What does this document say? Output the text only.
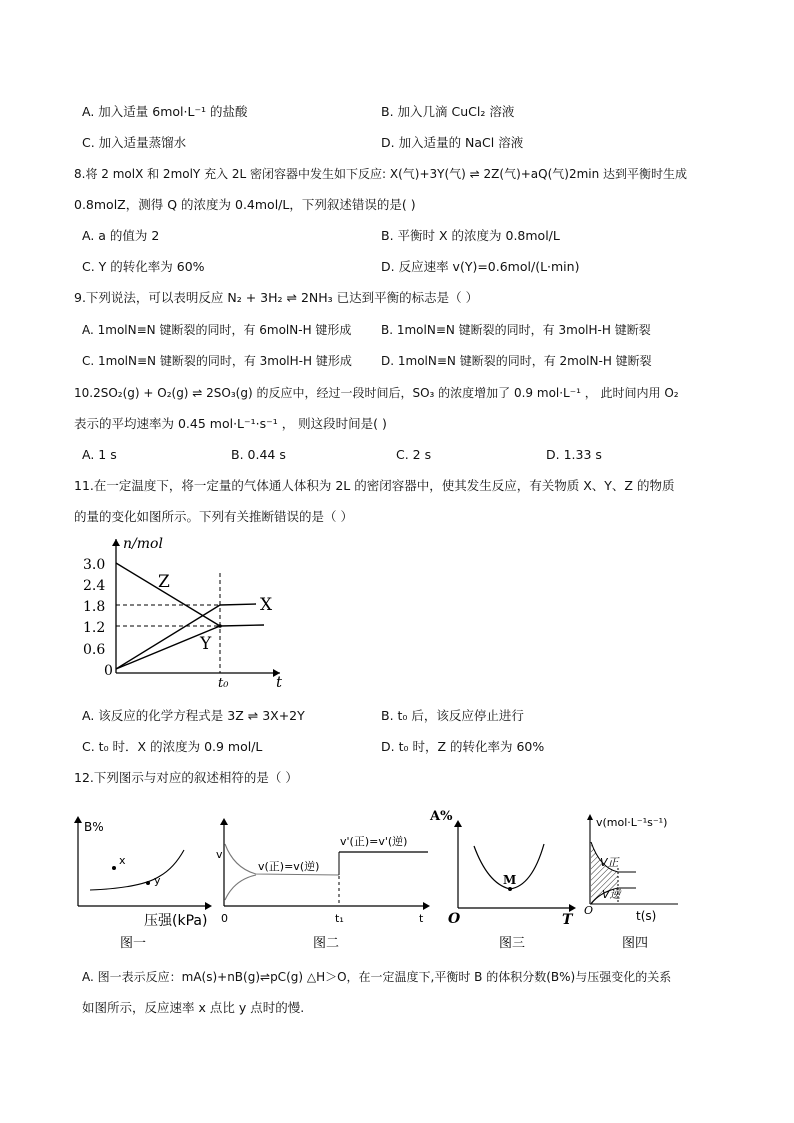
A. 加入适量 6mol·L⁻¹ 的盐酸	B. 加入几滴 CuCl₂ 溶液
C. 加入适量蒸馏水	D. 加入适量的 NaCl 溶液
8.将 2 molX 和 2molY 充入 2L 密闭容器中发生如下反应: X(气)+3Y(气) ⇌ 2Z(气)+aQ(气)2min 达到平衡时生成
0.8molZ，测得 Q 的浓度为 0.4mol/L，下列叙述错误的是( )
A. a 的值为 2	B. 平衡时 X 的浓度为 0.8mol/L
C. Y 的转化率为 60%	D. 反应速率 v(Y)=0.6mol/(L·min)
9.下列说法，可以表明反应 N₂ + 3H₂ ⇌ 2NH₃ 已达到平衡的标志是（ ）
A. 1molN≡N 键断裂的同时，有 6molN-H 键形成 B. 1molN≡N 键断裂的同时，有 3molH-H 键断裂
C. 1molN≡N 键断裂的同时，有 3molH-H 键形成 D. 1molN≡N 键断裂的同时，有 2molN-H 键断裂
10.2SO₂(g) + O₂(g) ⇌ 2SO₃(g) 的反应中，经过一段时间后，SO₃ 的浓度增加了 0.9 mol·L⁻¹ ， 此时间内用 O₂
表示的平均速率为 0.45 mol·L⁻¹·s⁻¹ ， 则这段时间是( )
A. 1 s	B. 0.44 s	C. 2 s	D. 1.33 s
11.在一定温度下，将一定量的气体通人体积为 2L 的密闭容器中，使其发生反应，有关物质 X、Y、Z 的物质
的量的变化如图所示。下列有关推断错误的是（ ）
n/mol
3.0
2.4
1.8
1.2
0.6
0
Z
X
Y
t₀	t
A. 该反应的化学方程式是 3Z ⇌ 3X+2Y	B. t₀ 后，该反应停止进行
C. t₀ 时．X 的浓度为 0.9 mol/L	D. t₀ 时，Z 的转化率为 60%
12.下列图示与对应的叙述相符的是（ ）
B%
x
y
压强(kPa)
图一
v
v(正)=v(逆)
v'(正)=v'(逆)
0	t₁	t
图二
A%
M
O	T
图三
v(mol·L⁻¹s⁻¹)
V正
V逆
O	t(s)
图四
A. 图一表示反应：mA(s)+nB(g)⇌pC(g) △H＞O，在一定温度下,平衡时 B 的体积分数(B%)与压强变化的关系
如图所示，反应速率 x 点比 y 点时的慢.
